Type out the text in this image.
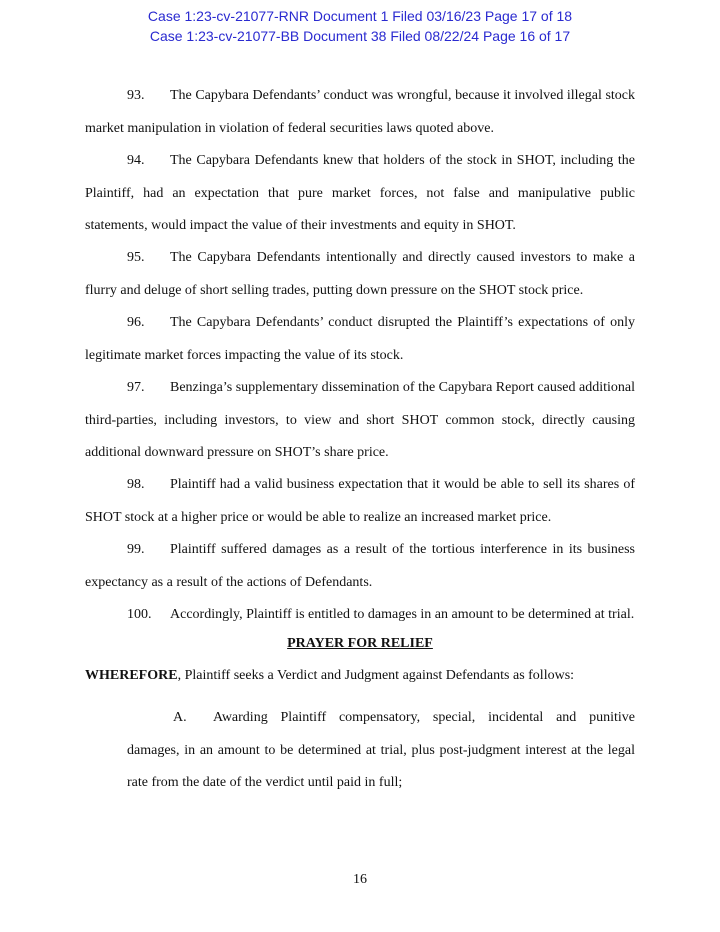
Case 1:23-cv-21077-RNR Document 1 Filed 03/16/23 Page 17 of 18
Case 1:23-cv-21077-BB Document 38 Filed 08/22/24 Page 16 of 17
93. The Capybara Defendants’ conduct was wrongful, because it involved illegal stock market manipulation in violation of federal securities laws quoted above.
94. The Capybara Defendants knew that holders of the stock in SHOT, including the Plaintiff, had an expectation that pure market forces, not false and manipulative public statements, would impact the value of their investments and equity in SHOT.
95. The Capybara Defendants intentionally and directly caused investors to make a flurry and deluge of short selling trades, putting down pressure on the SHOT stock price.
96. The Capybara Defendants’ conduct disrupted the Plaintiff’s expectations of only legitimate market forces impacting the value of its stock.
97. Benzinga’s supplementary dissemination of the Capybara Report caused additional third-parties, including investors, to view and short SHOT common stock, directly causing additional downward pressure on SHOT’s share price.
98. Plaintiff had a valid business expectation that it would be able to sell its shares of SHOT stock at a higher price or would be able to realize an increased market price.
99. Plaintiff suffered damages as a result of the tortious interference in its business expectancy as a result of the actions of Defendants.
100. Accordingly, Plaintiff is entitled to damages in an amount to be determined at trial.
PRAYER FOR RELIEF
WHEREFORE, Plaintiff seeks a Verdict and Judgment against Defendants as follows:
A. Awarding Plaintiff compensatory, special, incidental and punitive damages, in an amount to be determined at trial, plus post-judgment interest at the legal rate from the date of the verdict until paid in full;
16
